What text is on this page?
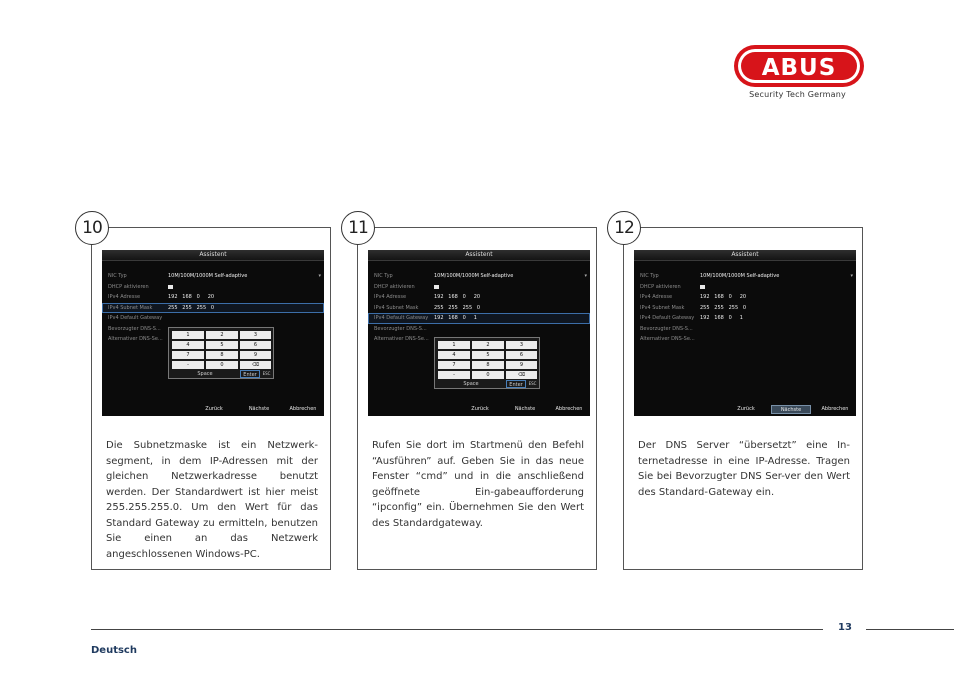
ABUS
Security Tech Germany
10
Assistent
NIC Typ	10M/100M/1000M Self-adaptive	▾
DHCP aktivieren
IPv4 Adresse	192   168   0     20
IPv4 Subnet Mask	255   255   255   0
IPv4 Default Gateway
Bevorzugter DNS-S...
Alternativer DNS-Se...
1	2	3
4	5	6
7	8	9
-	0	⌫
Space	Enter	ESC
Zurück	Nächste	Abbrechen
Die Subnetzmaske ist ein Netzwerk-segment, in dem IP-Adressen mit der gleichen Netzwerkadresse benutzt werden. Der Standardwert ist hier meist 255.255.255.0. Um den Wert für das Standard Gateway zu ermitteln, benutzen Sie einen an das Netzwerk angeschlossenen Windows-PC.
11
Assistent
NIC Typ	10M/100M/1000M Self-adaptive	▾
DHCP aktivieren
IPv4 Adresse	192   168   0     20
IPv4 Subnet Mask	255   255   255   0
IPv4 Default Gateway 192   168   0     1
Bevorzugter DNS-S...
Alternativer DNS-Se...
1	2	3
4	5	6
7	8	9
-	0	⌫
Space	Enter	ESC
Zurück	Nächste	Abbrechen
Rufen Sie dort im Startmenü den Befehl “Ausführen” auf. Geben Sie in das neue Fenster “cmd” und in die anschließend geöffnete Ein-gabeaufforderung “ipconfig” ein. Übernehmen Sie den Wert des Standardgateway.
12
Assistent
NIC Typ	10M/100M/1000M Self-adaptive	▾
DHCP aktivieren
IPv4 Adresse	192   168   0     20
IPv4 Subnet Mask	255   255   255   0
IPv4 Default Gateway 192   168   0     1
Bevorzugter DNS-S...
Alternativer DNS-Se...
Zurück	Nächste	Abbrechen
Der DNS Server “übersetzt” eine In-ternetadresse in eine IP-Adresse. Tragen Sie bei Bevorzugter DNS Ser-ver den Wert des Standard-Gateway ein.
13
Deutsch
